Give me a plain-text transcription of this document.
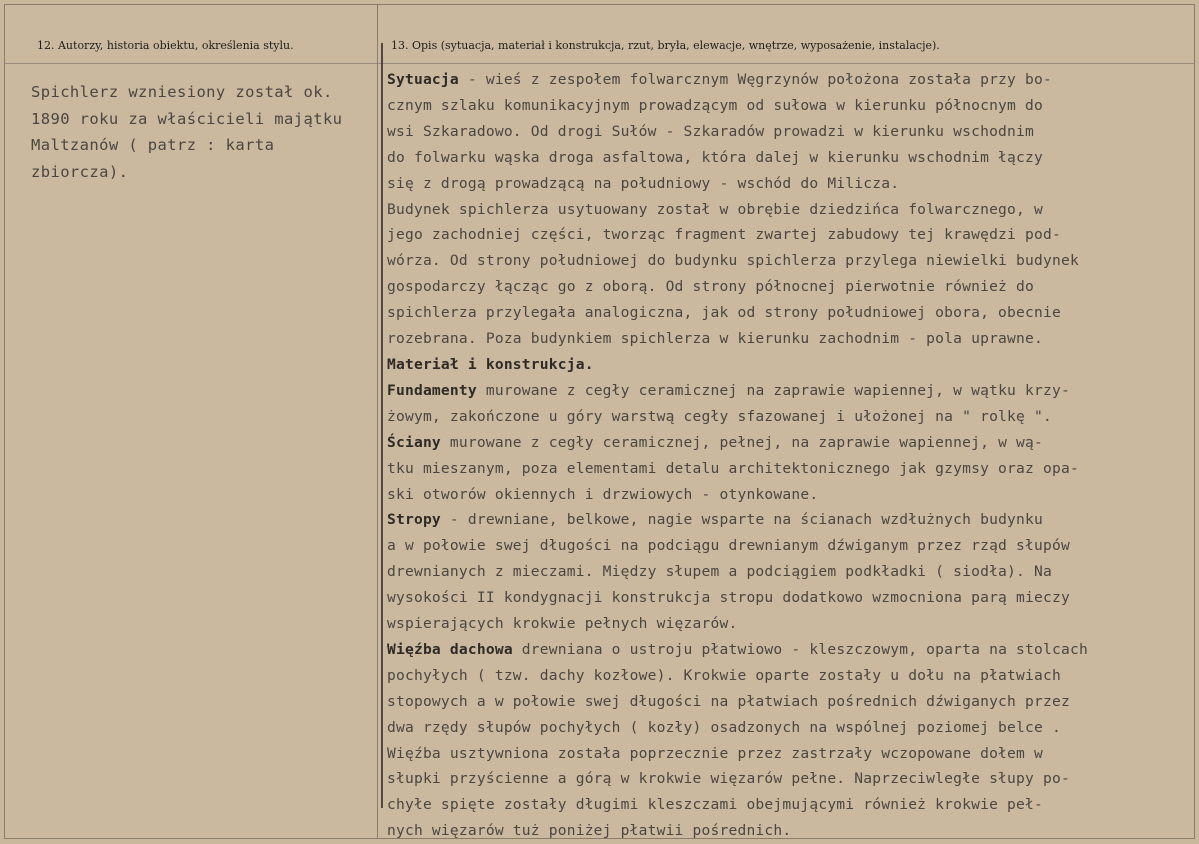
12. Autorzy, historia obiektu, określenia stylu.	13. Opis (sytuacja, materiał i konstrukcja, rzut, bryła, elewacje, wnętrze, wyposażenie, instalacje).
Spichlerz wzniesiony został ok.
1890 roku za właścicieli majątku
Maltzanów ( patrz : karta
zbiorcza).
Sytuacja - wieś z zespołem folwarcznym Węgrzynów położona została przy bo-
cznym szlaku komunikacyjnym prowadzącym od sułowa w kierunku północnym do
wsi Szkaradowo. Od drogi Sułów - Szkaradów prowadzi w kierunku wschodnim
do folwarku wąska droga asfaltowa, która dalej w kierunku wschodnim łączy
się z drogą prowadzącą na południowy - wschód do Milicza.
Budynek spichlerza usytuowany został w obrębie dziedzińca folwarcznego, w
jego zachodniej części, tworząc fragment zwartej zabudowy tej krawędzi pod-
wórza. Od strony południowej do budynku spichlerza przylega niewielki budynek
gospodarczy łącząc go z oborą. Od strony północnej pierwotnie również do
spichlerza przylegała analogiczna, jak od strony południowej obora, obecnie
rozebrana. Poza budynkiem spichlerza w kierunku zachodnim - pola uprawne.
Materiał i konstrukcja.
Fundamenty murowane z cegły ceramicznej na zaprawie wapiennej, w wątku krzy-
żowym, zakończone u góry warstwą cegły sfazowanej i ułożonej na " rolkę ".
Ściany murowane z cegły ceramicznej, pełnej, na zaprawie wapiennej, w wą-
tku mieszanym, poza elementami detalu architektonicznego jak gzymsy oraz opa-
ski otworów okiennych i drzwiowych - otynkowane.
Stropy - drewniane, belkowe, nagie wsparte na ścianach wzdłużnych budynku
a w połowie swej długości na podciągu drewnianym dźwiganym przez rząd słupów
drewnianych z mieczami. Między słupem a podciągiem podkładki ( siodła). Na
wysokości II kondygnacji konstrukcja stropu dodatkowo wzmocniona parą mieczy
wspierających krokwie pełnych więzarów.
Więźba dachowa drewniana o ustroju płatwiowo - kleszczowym, oparta na stolcach
pochyłych ( tzw. dachy kozłowe). Krokwie oparte zostały u dołu na płatwiach
stopowych a w połowie swej długości na płatwiach pośrednich dźwiganych przez
dwa rzędy słupów pochyłych ( kozły) osadzonych na wspólnej poziomej belce .
Więźba usztywniona została poprzecznie przez zastrzały wczopowane dołem w
słupki przyścienne a górą w krokwie więzarów pełne. Naprzeciwległe słupy po-
chyłe spięte zostały długimi kleszczami obejmującymi również krokwie peł-
nych więzarów tuż poniżej płatwii pośrednich.
